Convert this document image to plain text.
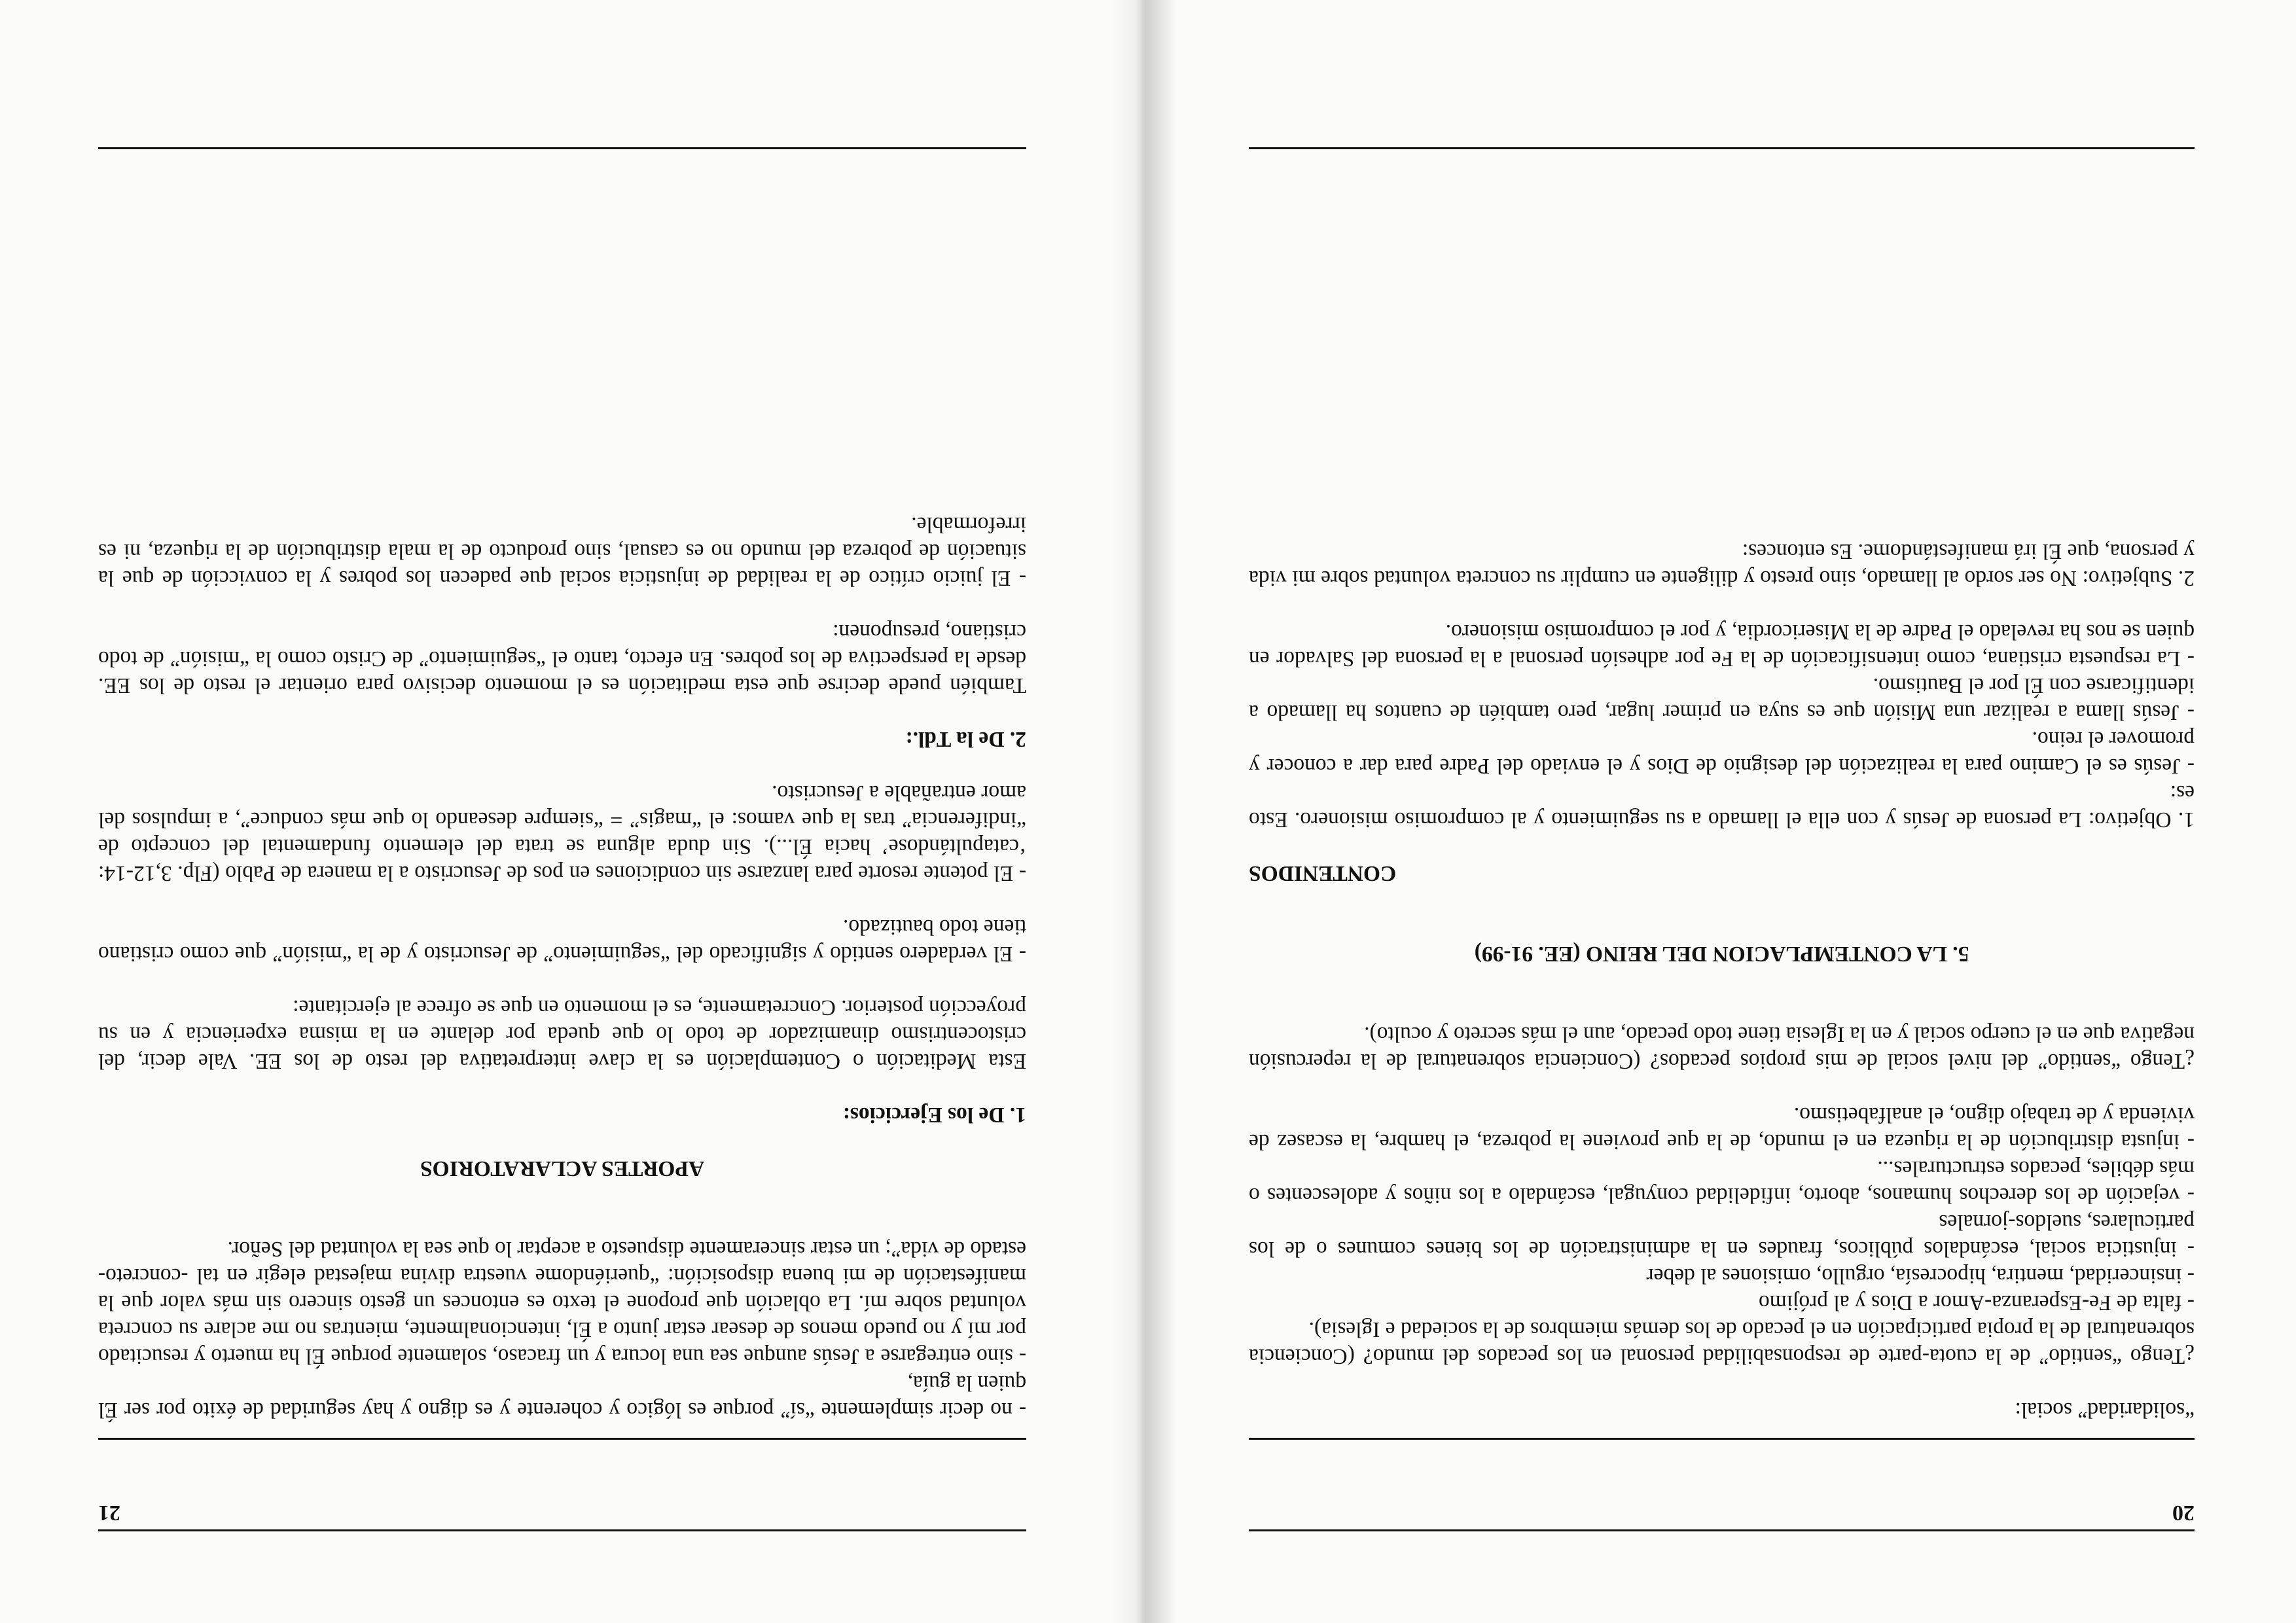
20

“solidaridad” social:

¿Tengo “sentido” de la cuota-parte de responsabilidad personal en los pecados del mundo? (Conciencia sobrenatural de la propia participación en el pecado de los demás miembros de la sociedad e Iglesia).

- falta de Fe-Esperanza-Amor a Dios y al prójimo

- insinceridad, mentira, hipocresía, orgullo, omisiones al deber

- injusticia social, escándalos públicos, fraudes en la administración de los bienes comunes o de los particulares, sueldos-jornales

- vejación de los derechos humanos, aborto, infidelidad conyugal, escándalo a los niños y adolescentes o más débiles, pecados estructurales...

- injusta distribución de la riqueza en el mundo, de la que proviene la pobreza, el hambre, la escasez de vivienda y de trabajo digno, el analfabetismo.

¿Tengo “sentido” del nivel social de mis propios pecados? (Conciencia sobrenatural de la repercusión negativa que en el cuerpo social y en la Iglesia tiene todo pecado, aun el más secreto y oculto).

5. LA CONTEMPLACION DEL REINO (EE. 91-99)

CONTENIDOS

1. Objetivo: La persona de Jesús y con ella el llamado a su seguimiento y al compromiso misionero. Esto es:

- Jesús es el Camino para la realización del designio de Dios y el enviado del Padre para dar a conocer y promover el reino.

- Jesús llama a realizar una Misión que es suya en primer lugar, pero también de cuantos ha llamado a identificarse con Él por el Bautismo.

- La respuesta cristiana, como intensificación de la Fe por adhesión personal a la persona del Salvador en quien se nos ha revelado el Padre de la Misericordia, y por el compromiso misionero.

2. Subjetivo: No ser sordo al llamado, sino presto y diligente en cumplir su concreta voluntad sobre mi vida y persona, que Él irá manifestándome. Es entonces:

21

- no decir simplemente “sí” porque es lógico y coherente y es digno y hay seguridad de éxito por ser Él quien la guía,

- sino entregarse a Jesús aunque sea una locura y un fracaso, solamente porque Él ha muerto y resucitado por mí y no puedo menos de desear estar junto a Él, intencionalmente, mientras no me aclare su concreta voluntad sobre mí. La oblación que propone el texto es entonces un gesto sincero sin más valor que la manifestación de mi buena disposición: “queriéndome vuestra divina majestad elegir en tal -concreto- estado de vida”; un estar sinceramente dispuesto a aceptar lo que sea la voluntad del Señor.

APORTES ACLARATORIOS

1. De los Ejercicios:

Esta Meditación o Contemplación es la clave interpretativa del resto de los EE. Vale decir, del cristocentrismo dinamizador de todo lo que queda por delante en la misma experiencia y en su proyección posterior. Concretamente, es el momento en que se ofrece al ejercitante:

- El verdadero sentido y significado del “seguimiento” de Jesucristo y de la “misión” que como cristiano tiene todo bautizado.

- El potente resorte para lanzarse sin condiciones en pos de Jesucristo a la manera de Pablo (Flp. 3,12-14: ‘catapultándose’ hacia Él...). Sin duda alguna se trata del elemento fundamental del concepto de “indiferencia” tras la que vamos: el “magis” = “siempre deseando lo que más conduce”, a impulsos del amor entrañable a Jesucristo.

2. De la Tdl.:

También puede decirse que esta meditación es el momento decisivo para orientar el resto de los EE. desde la perspectiva de los pobres. En efecto, tanto el “seguimiento” de Cristo como la “misión” de todo cristiano, presuponen:

- El juicio crítico de la realidad de injusticia social que padecen los pobres y la convicción de que la situación de pobreza del mundo no es casual, sino producto de la mala distribución de la riqueza, ni es irreformable.
